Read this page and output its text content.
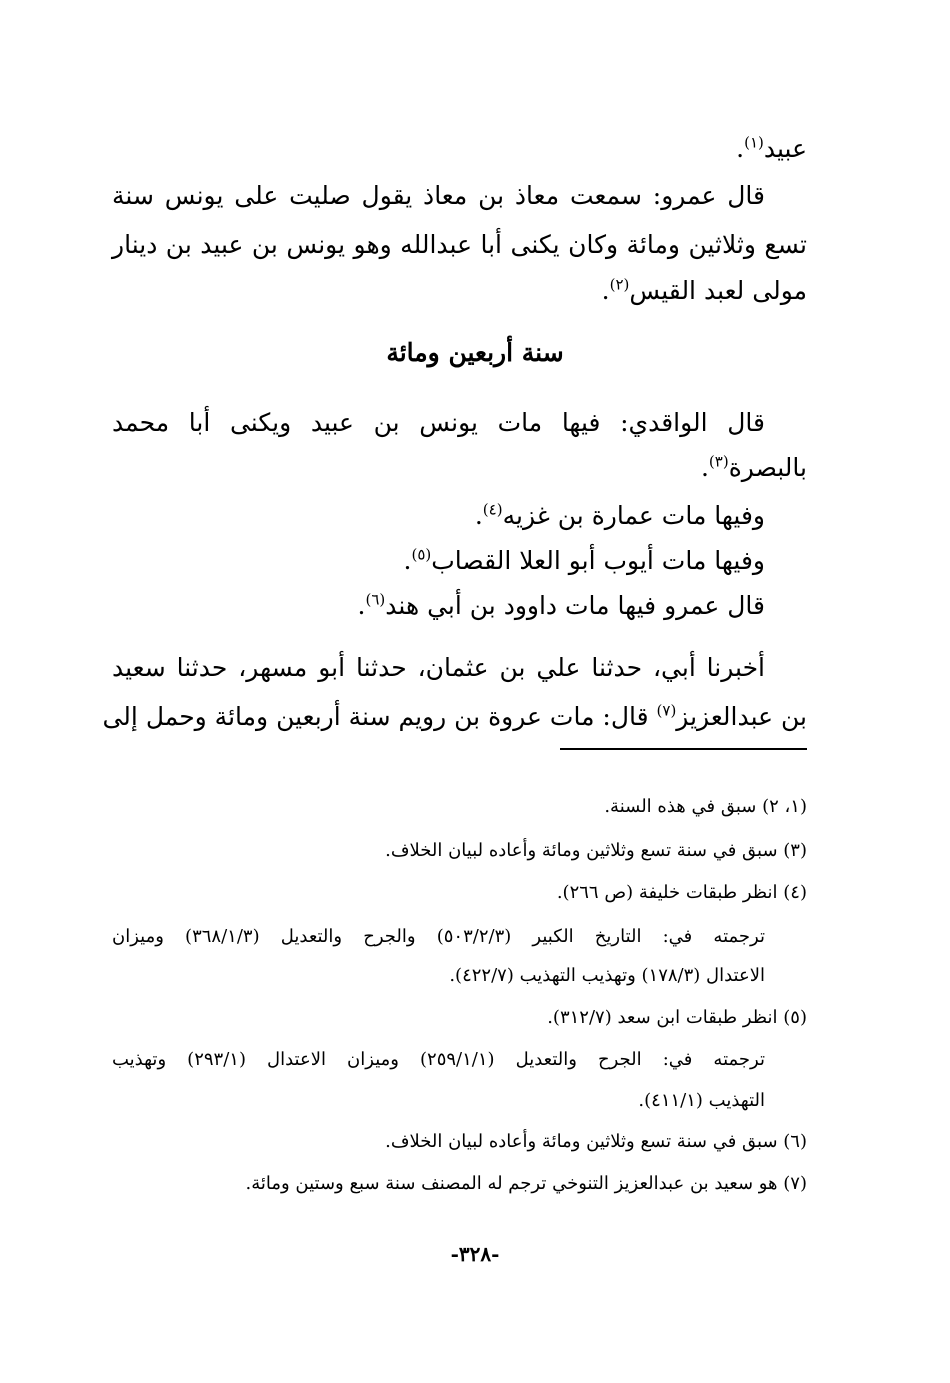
عبيد$^{(١)}$.
قال عمرو: سمعت معاذ بن معاذ يقول صليت على يونس سنة
تسع وثلاثين ومائة وكان يكنى أبا عبدالله وهو يونس بن عبيد بن دينار
مولى لعبد القيس$^{(٢)}$.
سنة أربعين ومائة
قال الواقدي: فيها مات يونس بن عبيد ويكنى أبا محمد
بالبصرة$^{(٣)}$.
وفيها مات عمارة بن غزيه$^{(٤)}$.
وفيها مات أيوب أبو العلا القصاب$^{(٥)}$.
قال عمرو فيها مات داوود بن أبي هند$^{(٦)}$.
أخبرنا أبي، حدثنا علي بن عثمان، حدثنا أبو مسهر، حدثنا سعيد
بن عبدالعزيز$^{(٧)}$ قال: مات عروة بن رويم سنة أربعين ومائة وحمل إلى
(١، ٢) سبق في هذه السنة.
(٣) سبق في سنة تسع وثلاثين ومائة وأعاده لبيان الخلاف.
(٤) انظر طبقات خليفة (ص ٢٦٦).
ترجمته في: التاريخ الكبير (٥٠٣/٢/٣) والجرح والتعديل (٣٦٨/١/٣) وميزان
الاعتدال (١٧٨/٣) وتهذيب التهذيب (٤٢٢/٧).
(٥) انظر طبقات ابن سعد (٣١٢/٧).
ترجمته في: الجرح والتعديل (٢٥٩/١/١) وميزان الاعتدال (٢٩٣/١) وتهذيب
التهذيب (٤١١/١).
(٦) سبق في سنة تسع وثلاثين ومائة وأعاده لبيان الخلاف.
(٧) هو سعيد بن عبدالعزيز التنوخي ترجم له المصنف سنة سبع وستين ومائة.
-٣٢٨-
